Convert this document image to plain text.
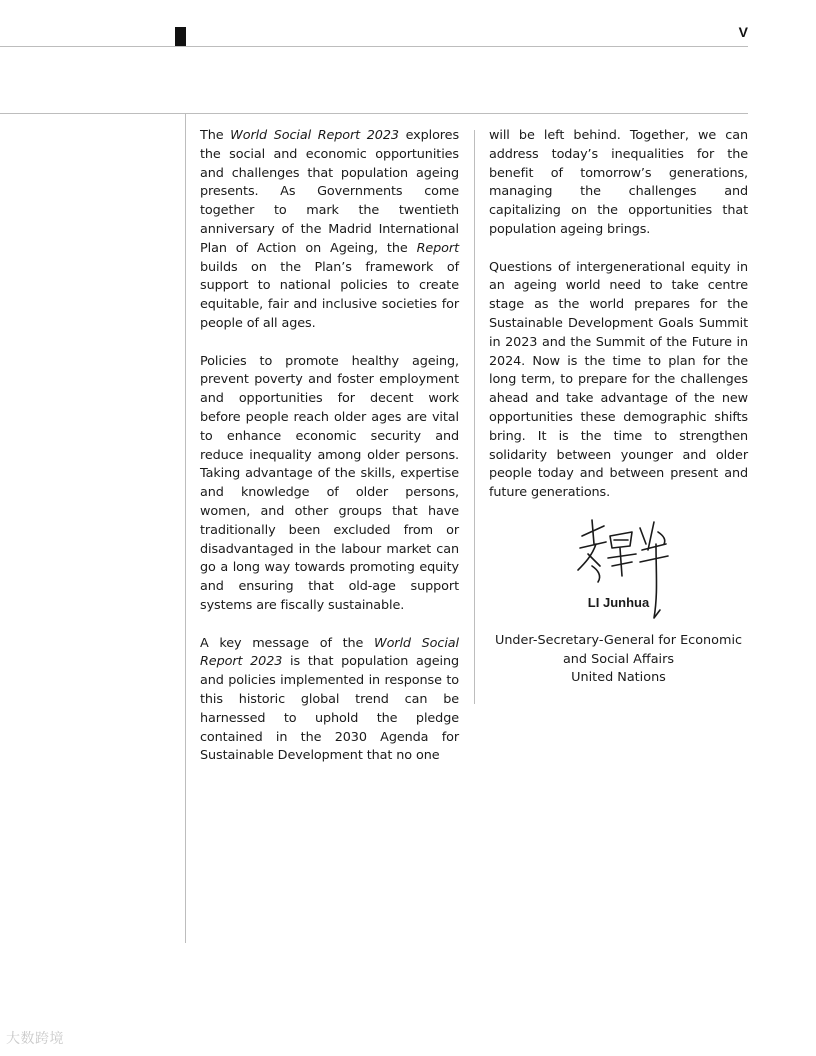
V

The World Social Report 2023 explores the social and economic opportunities and challenges that population ageing presents. As Governments come together to mark the twentieth anniversary of the Madrid International Plan of Action on Ageing, the Report builds on the Plan’s framework of support to national policies to create equitable, fair and inclusive societies for people of all ages.

Policies to promote healthy ageing, prevent poverty and foster employment and opportunities for decent work before people reach older ages are vital to enhance economic security and reduce inequality among older persons. Taking advantage of the skills, expertise and knowledge of older persons, women, and other groups that have traditionally been excluded from or disadvantaged in the labour market can go a long way towards promoting equity and ensuring that old-age support systems are fiscally sustainable.

A key message of the World Social Report 2023 is that population ageing and policies implemented in response to this historic global trend can be harnessed to uphold the pledge contained in the 2030 Agenda for Sustainable Development that no one

will be left behind. Together, we can address today’s inequalities for the benefit of tomorrow’s generations, managing the challenges and capitalizing on the opportunities that population ageing brings.

Questions of intergenerational equity in an ageing world need to take centre stage as the world prepares for the Sustainable Development Goals Summit in 2023 and the Summit of the Future in 2024. Now is the time to plan for the long term, to prepare for the challenges ahead and take advantage of the new opportunities these demographic shifts bring. It is the time to strengthen solidarity between younger and older people today and between present and future generations.

LI Junhua
Under-Secretary-General for Economic
and Social Affairs
United Nations
大数跨境
